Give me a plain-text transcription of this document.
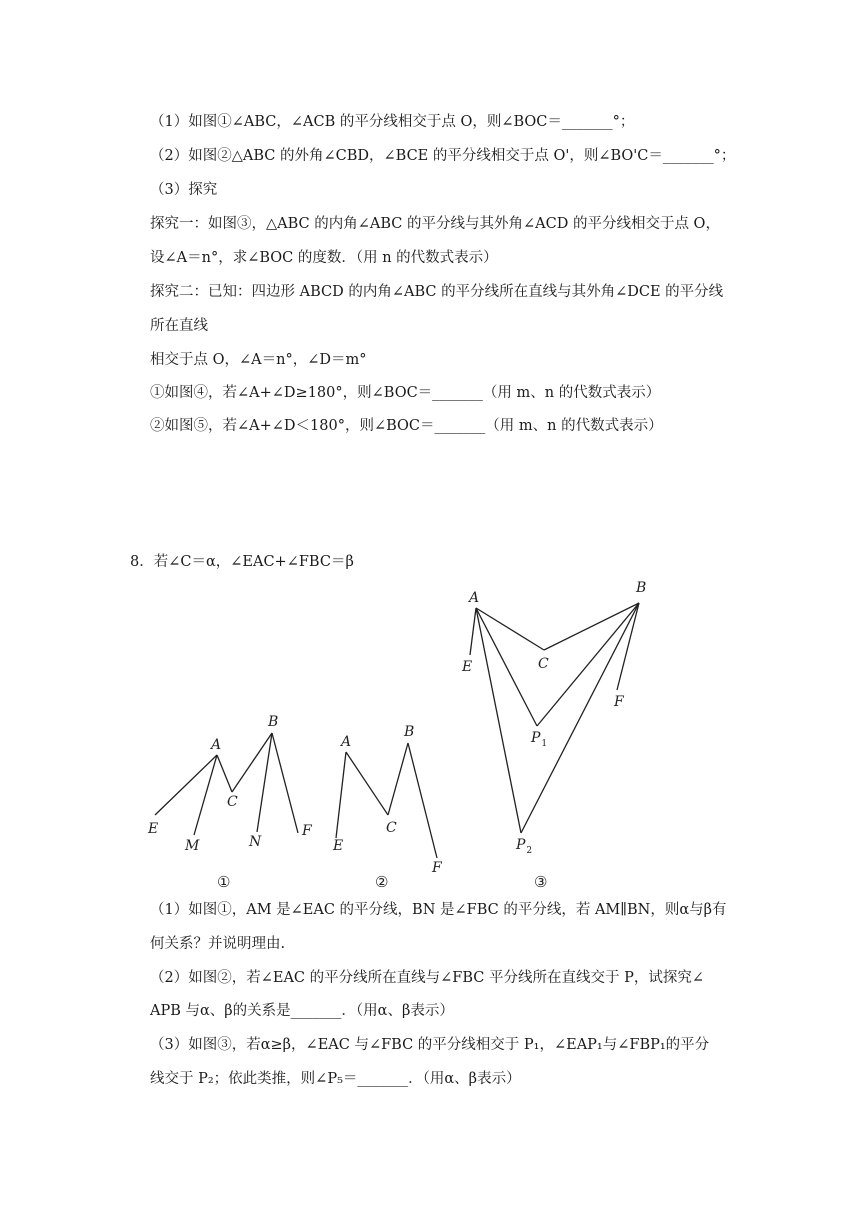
（1）如图①∠ABC，∠ACB 的平分线相交于点 O，则∠BOC＝_______°；
（2）如图②△ABC 的外角∠CBD，∠BCE 的平分线相交于点 O'，则∠BO'C＝_______°；
（3）探究
探究一：如图③，△ABC 的内角∠ABC 的平分线与其外角∠ACD 的平分线相交于点 O，
设∠A＝n°，求∠BOC 的度数．（用 n 的代数式表示）
探究二：已知：四边形 ABCD 的内角∠ABC 的平分线所在直线与其外角∠DCE 的平分线
所在直线
相交于点 O，∠A＝n°，∠D＝m°
①如图④，若∠A+∠D≥180°，则∠BOC＝_______（用 m、n 的代数式表示）
②如图⑤，若∠A+∠D＜180°，则∠BOC＝_______（用 m、n 的代数式表示）
8．若∠C＝α，∠EAC+∠FBC＝β
A
B
C
E
M	N
F
①
A
B
C
E
F
②
A
B
C
E
F
$P_1$
$P_2$
③
（1）如图①，AM 是∠EAC 的平分线，BN 是∠FBC 的平分线，若 AM∥BN，则α与β有
何关系？并说明理由.
（2）如图②，若∠EAC 的平分线所在直线与∠FBC 平分线所在直线交于 P，试探究∠
APB 与α、β的关系是_______．（用α、β表示）
（3）如图③，若α≥β，∠EAC 与∠FBC 的平分线相交于 P₁，∠EAP₁与∠FBP₁的平分
线交于 P₂；依此类推，则∠P₅＝_______．（用α、β表示）
